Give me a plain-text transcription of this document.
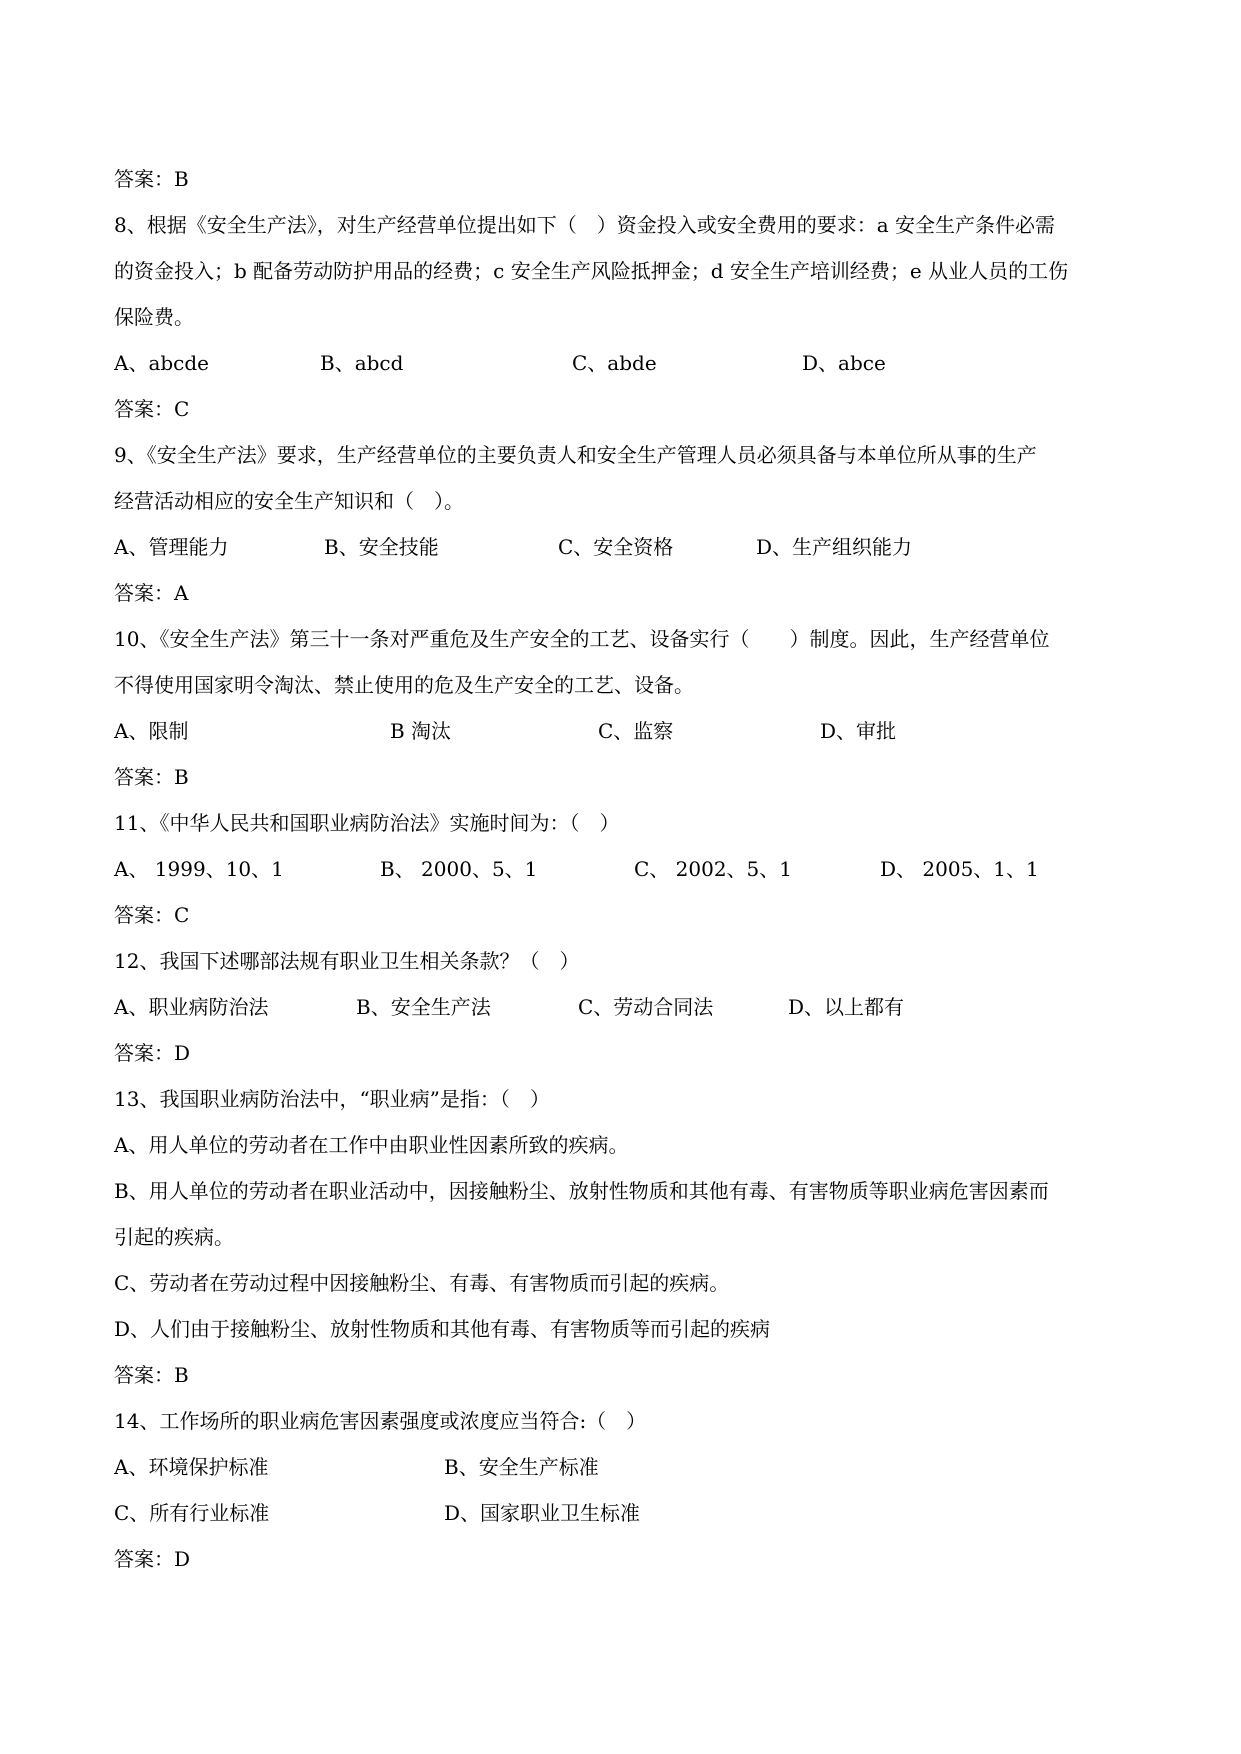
答案：B
8、根据《安全生产法》，对生产经营单位提出如下（　）资金投入或安全费用的要求：a 安全生产条件必需
的资金投入；b 配备劳动防护用品的经费；c 安全生产风险抵押金；d 安全生产培训经费；e 从业人员的工伤
保险费。
A、abcde	B、abcd	C、abde	D、abce
答案：C
9、《安全生产法》要求，生产经营单位的主要负责人和安全生产管理人员必须具备与本单位所从事的生产
经营活动相应的安全生产知识和（　）。
A、管理能力	B、安全技能	C、安全资格	D、生产组织能力
答案：A
10、《安全生产法》第三十一条对严重危及生产安全的工艺、设备实行（　　）制度。因此，生产经营单位
不得使用国家明令淘汰、禁止使用的危及生产安全的工艺、设备。
A、限制	B 淘汰	C、监察	D、审批
答案：B
11、《中华人民共和国职业病防治法》实施时间为：（　）
A、 1999、10、1	B、 2000、5、1	C、 2002、5、1	D、 2005、1、1
答案：C
12、我国下述哪部法规有职业卫生相关条款？（　）
A、职业病防治法	B、安全生产法	C、劳动合同法	D、以上都有
答案：D
13、我国职业病防治法中，“职业病”是指：（　）
A、用人单位的劳动者在工作中由职业性因素所致的疾病。
B、用人单位的劳动者在职业活动中，因接触粉尘、放射性物质和其他有毒、有害物质等职业病危害因素而
引起的疾病。
C、劳动者在劳动过程中因接触粉尘、有毒、有害物质而引起的疾病。
D、人们由于接触粉尘、放射性物质和其他有毒、有害物质等而引起的疾病
答案：B
14、工作场所的职业病危害因素强度或浓度应当符合:（　）
A、环境保护标准	B、安全生产标准
C、所有行业标准	D、国家职业卫生标准
答案：D
